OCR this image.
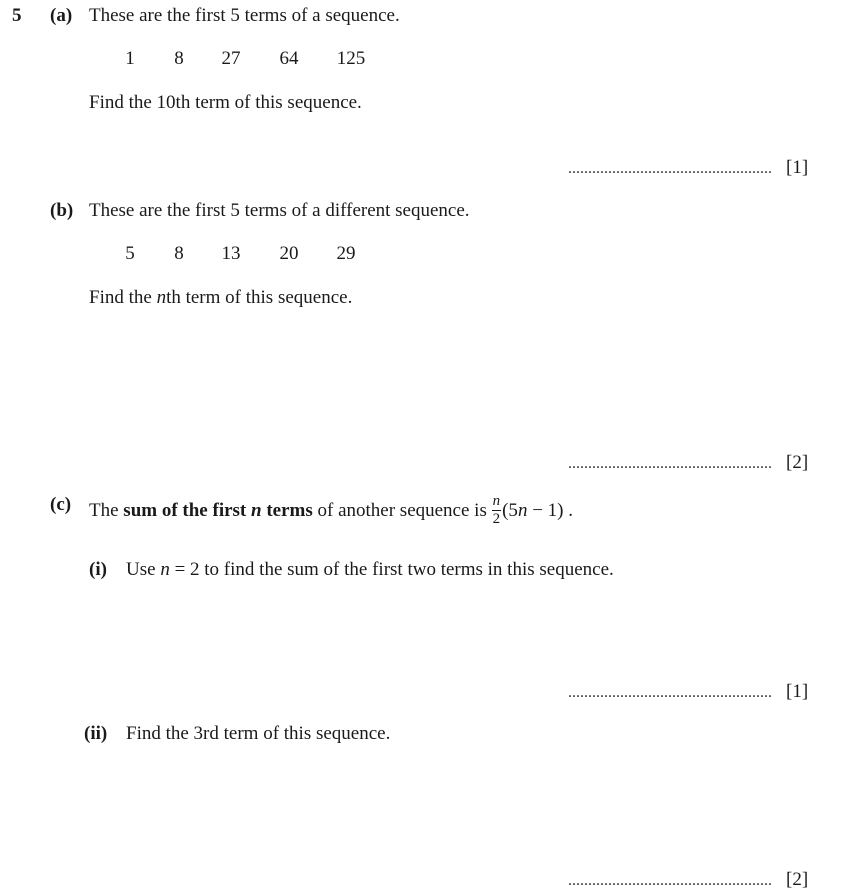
5 (a) These are the first 5 terms of a sequence.
1 8 27 64 125
Find the 10th term of this sequence.
................................................... [1]
(b) These are the first 5 terms of a different sequence.
5 8 13 20 29
Find the nth term of this sequence.
................................................... [2]
(c) The sum of the first n terms of another sequence is $\frac{n}{2} (5n - 1)$ .
(i) Use n = 2 to find the sum of the first two terms in this sequence.
................................................... [1]
(ii) Find the 3rd term of this sequence.
................................................... [2]
